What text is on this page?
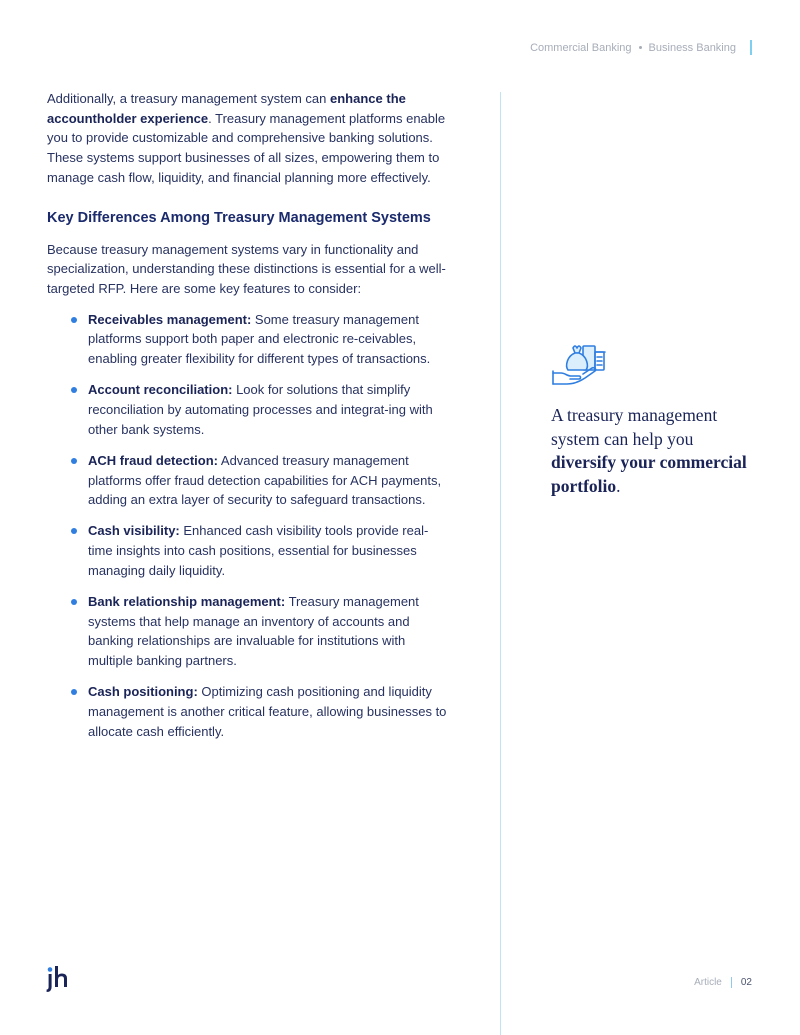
Commercial Banking Business Banking

Additionally, a treasury management system can enhance the accountholder experience. Treasury management platforms enable you to provide customizable and comprehensive banking solutions. These systems support businesses of all sizes, empowering them to manage cash flow, liquidity, and financial planning more effectively.

Key Differences Among Treasury Management Systems

Because treasury management systems vary in functionality and specialization, understanding these distinctions is essential for a well-targeted RFP. Here are some key features to consider:

Receivables management: Some treasury management platforms support both paper and electronic re-ceivables, enabling greater flexibility for different types of transactions.
Account reconciliation: Look for solutions that simplify reconciliation by automating processes and integrat-ing with other bank systems.
ACH fraud detection: Advanced treasury management platforms offer fraud detection capabilities for ACH payments, adding an extra layer of security to safeguard transactions.
Cash visibility: Enhanced cash visibility tools provide real-time insights into cash positions, essential for businesses managing daily liquidity.
Bank relationship management: Treasury management systems that help manage an inventory of accounts and banking relationships are invaluable for institutions with multiple banking partners.
Cash positioning: Optimizing cash positioning and liquidity management is another critical feature, allowing businesses to allocate cash efficiently.

A treasury management system can help you diversify your commercial portfolio.

Article 02
